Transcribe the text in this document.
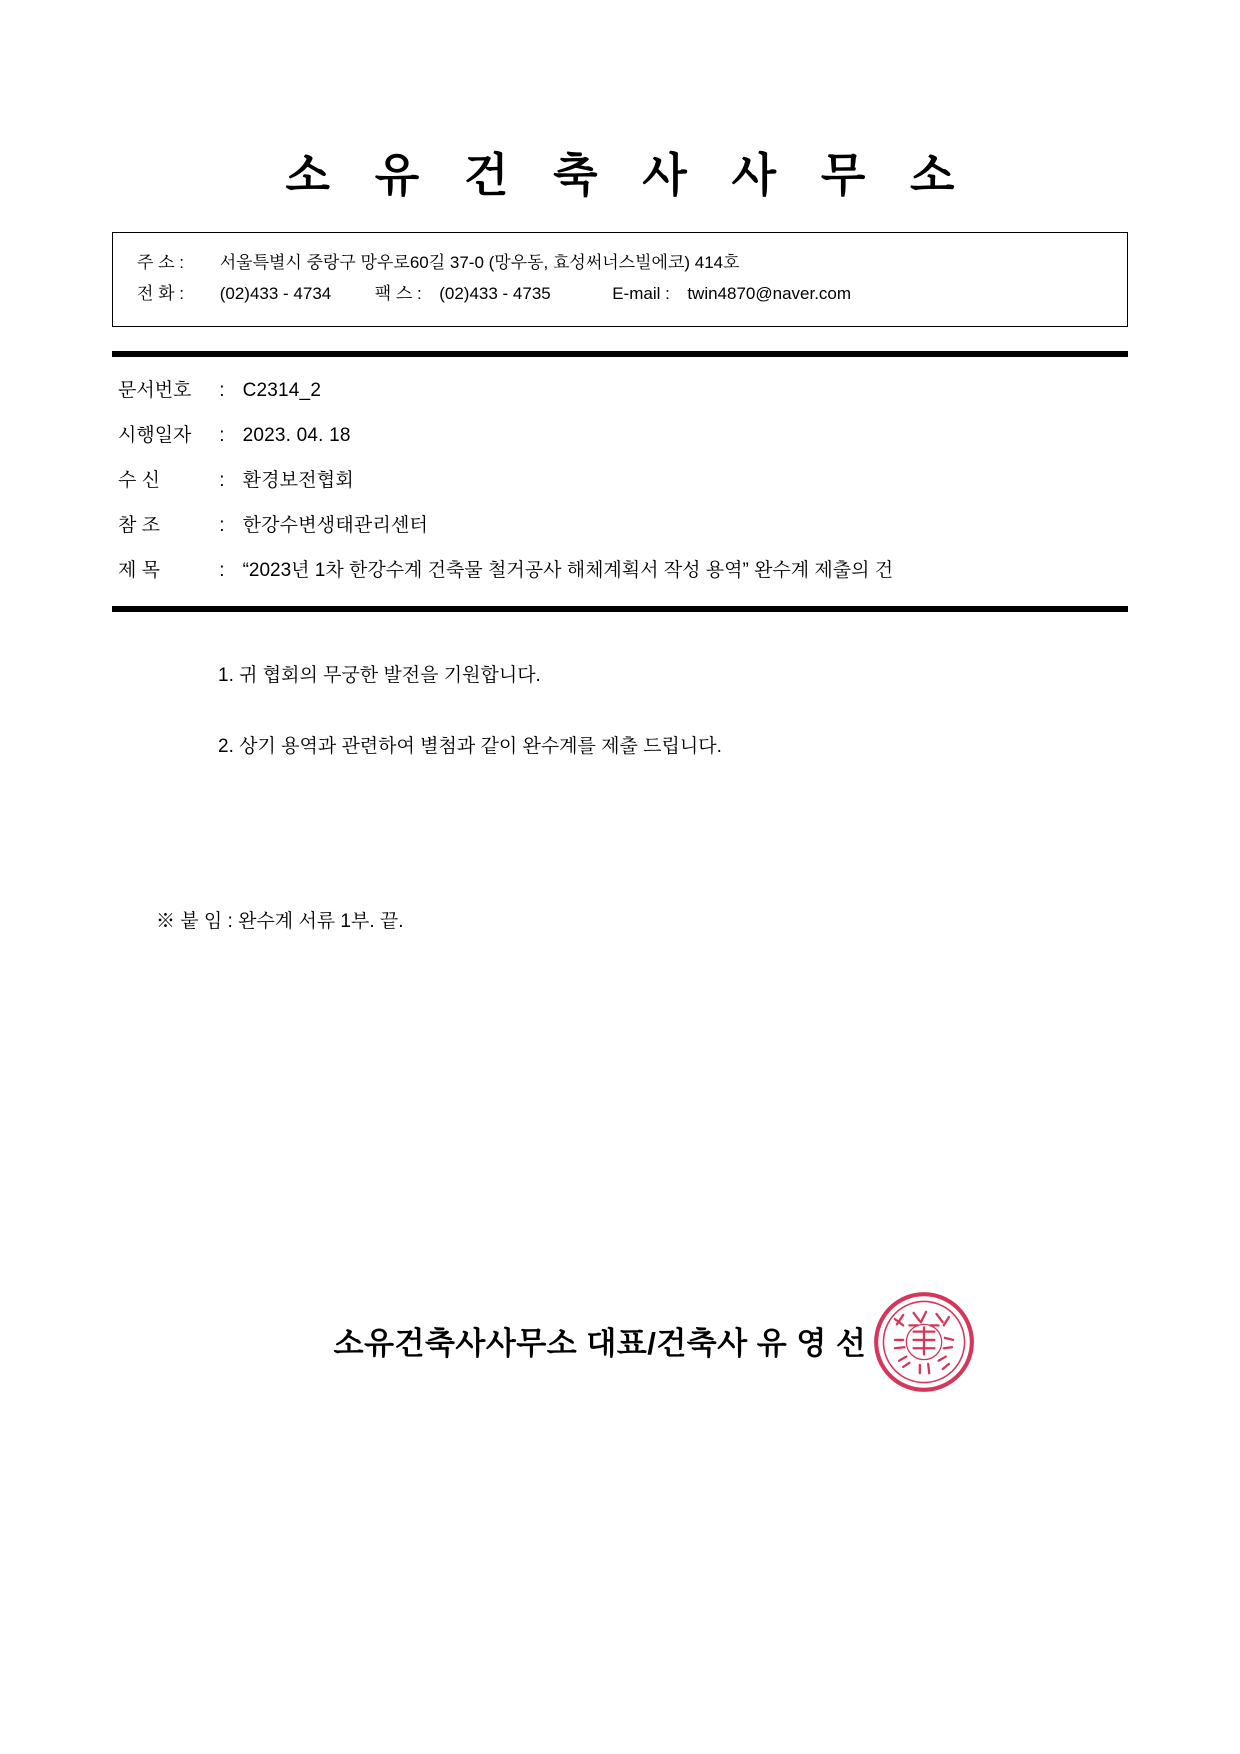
소 유 건 축 사 사 무 소
주 소 : 서울특별시 중랑구 망우로60길 37-0 (망우동, 효성써너스빌에코) 414호
전 화 : (02)433 - 4734	팩 스 : (02)433 - 4735	E-mail : twin4870@naver.com
문서번호 : C2314_2
시행일자 : 2023. 04. 18
수 신	: 환경보전협회
참 조	: 한강수변생태관리센터
제 목	: “2023년 1차 한강수계 건축물 철거공사 해체계획서 작성 용역” 완수계 제출의 건
1. 귀 협회의 무궁한 발전을 기원합니다.
2. 상기 용역과 관련하여 별첨과 같이 완수계를 제출 드립니다.
※ 붙 임 : 완수계 서류 1부. 끝.
소유건축사사무소 대표/건축사 유 영 선
